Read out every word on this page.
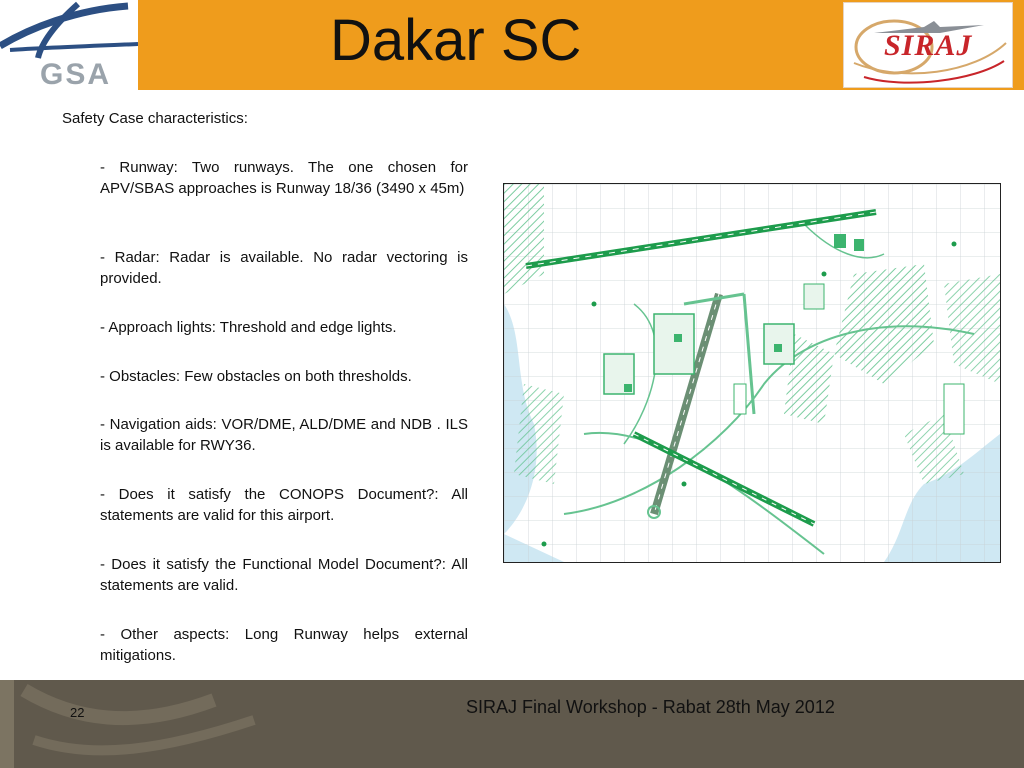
GSA
Dakar SC	SIRAJ
Safety Case characteristics:

- Runway: Two runways. The one chosen for APV/SBAS approaches is Runway 18/36 (3490 x 45m)

- Radar: Radar is available. No radar vectoring is provided.

- Approach lights: Threshold and edge lights.

- Obstacles: Few obstacles on both thresholds.

- Navigation aids: VOR/DME, ALD/DME and NDB . ILS is available for RWY36.

- Does it satisfy the CONOPS Document?: All statements are valid for this airport.

- Does it satisfy the Functional Model Document?: All statements are valid.

- Other aspects: Long Runway helps external mitigations.

22	SIRAJ Final Workshop - Rabat 28th May 2012
